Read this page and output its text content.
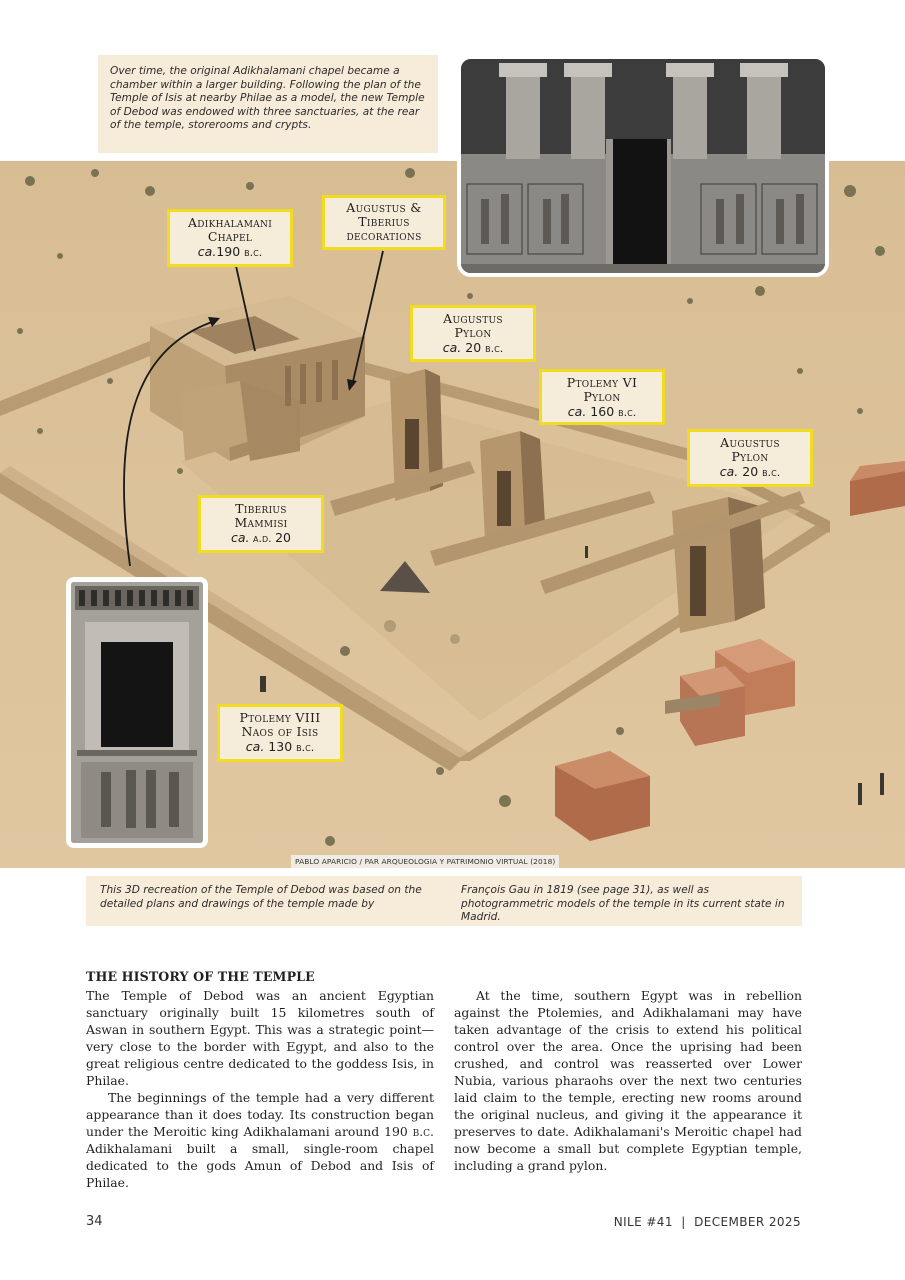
Over time, the original Adikhalamani chapel became a chamber within a larger building. Following the plan of the Temple of Isis at nearby Philae as a model, the new Temple of Debod was endowed with three sanctuaries, at the rear of the temple, storerooms and crypts.
Adikhalamani
Chapel
ca.190 b.c.
Augustus &
Tiberius
decorations
Augustus
Pylon
ca. 20 b.c.
Ptolemy VI
Pylon
ca. 160 b.c.
Augustus
Pylon
ca. 20 b.c.
Tiberius
Mammisi
ca. a.d. 20
Ptolemy VIII
Naos of Isis
ca. 130 b.c.
PABLO APARICIO / PAR ARQUEOLOGIA Y PATRIMONIO VIRTUAL (2018)
This 3D recreation of the Temple of Debod was based on the detailed plans and drawings of the temple made by
François Gau in 1819 (see page 31), as well as photogrammetric models of the temple in its current state in Madrid.
THE HISTORY OF THE TEMPLE

The Temple of Debod was an ancient Egyptian sanctuary originally built 15 kilometres south of Aswan in southern Egypt. This was a strategic point—very close to the border with Egypt, and also to the great religious centre dedicated to the goddess Isis, in Philae.

The beginnings of the temple had a very different appearance than it does today. Its construction began under the Meroitic king Adikhalamani around 190 b.c. Adikhalamani built a small, single-room chapel dedicated to the gods Amun of Debod and Isis of Philae.

At the time, southern Egypt was in rebellion against the Ptolemies, and Adikhalamani may have taken advantage of the crisis to extend his political control over the area. Once the uprising had been crushed, and control was reasserted over Lower Nubia, various pharaohs over the next two centuries laid claim to the temple, erecting new rooms around the original nucleus, and giving it the appearance it preserves to date. Adikhalamani's Meroitic chapel had now become a small but complete Egyptian temple, including a grand pylon.

34	NILE #41  |  DECEMBER 2025
